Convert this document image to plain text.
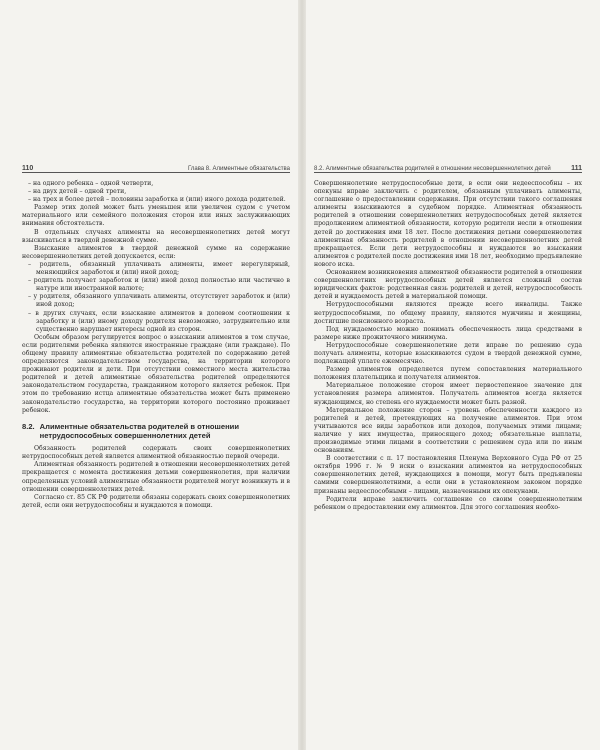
110	Глава 8. Алиментные обязательства	8.2. Алиментные обязательства родителей в отношении несовершеннолетних детей	111

– на одного ребенка – одной четверти,

– на двух детей – одной трети,

– на трех и более детей – половины заработка и (или) иного дохода родителей.

Размер этих долей может быть уменьшен или увеличен судом с учетом материального или семейного положения сторон или иных заслуживающих внимания обстоятельств.

В отдельных случаях алименты на несовершеннолетних детей могут взыскиваться в твердой денежной сумме.

Взыскание алиментов в твердой денежной сумме на содержание несовершеннолетних детей допускается, если:

– родитель, обязанный уплачивать алименты, имеет нерегулярный, меняющийся заработок и (или) иной доход;

– родитель получает заработок и (или) иной доход полностью или частично в натуре или иностранной валюте;

– у родителя, обязанного уплачивать алименты, отсутствует заработок и (или) иной доход;

– в других случаях, если взыскание алиментов в долевом соотношении к заработку и (или) иному доходу родителя невозможно, затруднительно или существенно нарушает интересы одной из сторон.

Особым образом регулируется вопрос о взыскании алиментов в том случае, если родителями ребенка являются иностранные граждане (или граждане). По общему правилу алиментные обязательства родителей по содержанию детей определяются законодательством государства, на территории которого проживают родители и дети. При отсутствии совместного места жительства родителей и детей алиментные обязательства родителей определяются законодательством государства, гражданином которого является ребенок. При этом по требованию истца алиментные обязательства может быть применено законодательство государства, на территории которого постоянно проживает ребенок.

8.2. Алиментные обязательства родителей в отношении нетрудоспособных совершеннолетних детей

Обязанность родителей содержать своих совершеннолетних нетрудоспособных детей является алиментной обязанностью первой очереди.

Алиментная обязанность родителей в отношении несовершеннолетних детей прекращается с момента достижения детьми совершеннолетия, при наличии определенных условий алиментные обязанности родителей могут возникнуть и в отношении совершеннолетних детей.

Согласно ст. 85 СК РФ родители обязаны содержать своих совершеннолетних детей, если они нетрудоспособны и нуждаются в помощи.

Совершеннолетние нетрудоспособные дети, в если они недееспособны – их опекуны вправе заключить с родителем, обязанным уплачивать алименты, соглашение о предоставлении содержания. При отсутствии такого соглашения алименты взыскиваются в судебном порядке. Алиментная обязанность родителей в отношении совершеннолетних нетрудоспособных детей является продолжением алиментной обязанности, которую родители несли в отношении детей до достижения ими 18 лет. После достижения детьми совершеннолетия алиментная обязанность родителей в отношении несовершеннолетних детей прекращается. Если дети нетрудоспособны и нуждаются во взыскании алиментов с родителей после достижения ими 18 лет, необходимо предъявление нового иска.

Основанием возникновения алиментной обязанности родителей в отношении совершеннолетних нетрудоспособных детей является сложный состав юридических фактов: родственная связь родителей и детей, нетрудоспособность детей и нуждаемость детей в материальной помощи.

Нетрудоспособными являются прежде всего инвалиды. Также нетрудоспособными, по общему правилу, являются мужчины и женщины, достигшие пенсионного возраста.

Под нуждаемостью можно понимать обеспеченность лица средствами в размере ниже прожиточного минимума.

Нетрудоспособные совершеннолетние дети вправе по решению суда получать алименты, которые взыскиваются судом в твердой денежной сумме, подлежащей уплате ежемесячно.

Размер алиментов определяется путем сопоставления материального положения плательщика и получателя алиментов.

Материальное положение сторон имеет первостепенное значение для установления размера алиментов. Получатель алиментов всегда является нуждающимся, но степень его нуждаемости может быть разной.

Материальное положение сторон – уровень обеспеченности каждого из родителей и детей, претендующих на получение алиментов. При этом учитываются все виды заработков или доходов, получаемых этими лицами; наличие у них имущества, приносящего доход; обязательные выплаты, производимые этими лицами в соответствии с решением суда или по иным основаниям.

В соответствии с п. 17 постановления Пленума Верховного Суда РФ от 25 октября 1996 г. № 9 иски о взыскании алиментов на нетрудоспособных совершеннолетних детей, нуждающихся в помощи, могут быть предъявлены самими совершеннолетними, а если они в установленном законом порядке признаны недееспособными – лицами, назначенными их опекунами.

Родители вправе заключить соглашение со своим совершеннолетним ребенком о предоставлении ему алиментов. Для этого соглашения необхо-
